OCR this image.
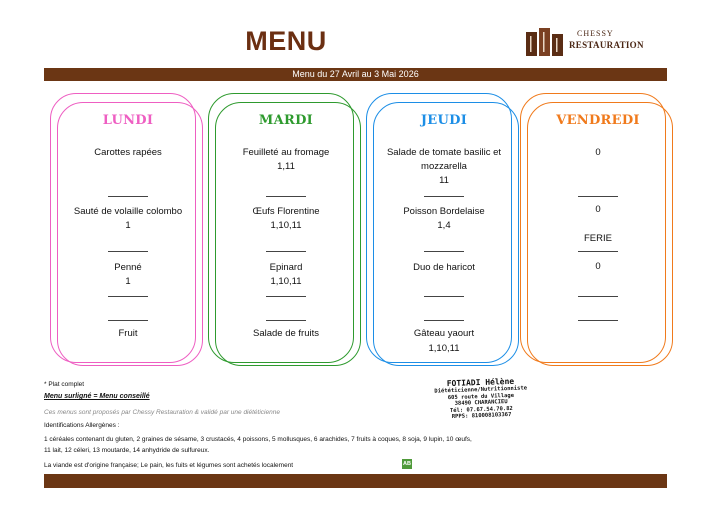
MENU	CHESSY
RESTAURATION
Menu du 27 Avril au 3 Mai 2026
LUNDI
Carottes rapées
Sauté de volaille colombo
1
Penné
1
Fruit
MARDI
Feuilleté au fromage
1,11
Œufs Florentine
1,10,11
Epinard
1,10,11
Salade de fruits
JEUDI
Salade de tomate basilic et mozzarella
11
Poisson Bordelaise
1,4
Duo de haricot
Gâteau yaourt
1,10,11
VENDREDI
0
0
FERIE
0
* Plat complet
Menu surligné = Menu conseillé
Ces menus sont proposés par Chessy Restauration & validé par une diététicienne
Identifications Allergènes :
1 céréales contenant du gluten, 2 graines de sésame, 3 crustacés, 4 poissons, 5 mollusques, 6 arachides, 7 fruits à coques, 8 soja, 9 lupin, 10 œufs,
11 lait, 12 céleri, 13 moutarde, 14 anhydride de sulfureux.
La viande est d'origine française; Le pain, les fuits et légumes sont achetés localement	AB
FOTIADI Hélène
Diététicienne/Nutritionniste
605 route du Village
38490 CHARANCIEU
Tél: 07.67.54.70.82
RPPS: 810008103367
